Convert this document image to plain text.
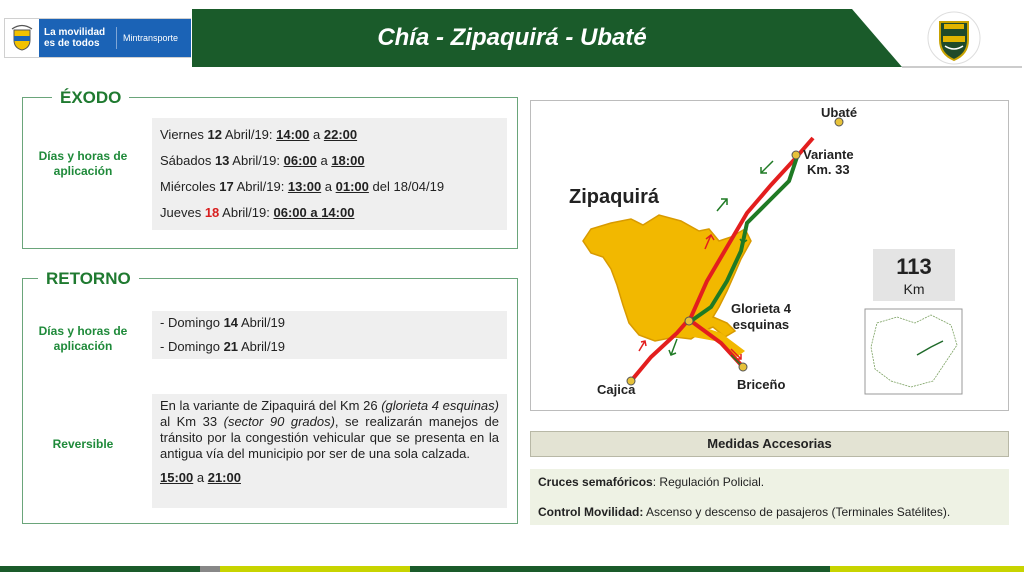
La movilidad
es de todos	Mintransporte	Chía - Zipaquirá - Ubaté
ÉXODO
Días y horas de aplicación
Viernes 12 Abril/19: 14:00 a 22:00
Sábados 13 Abril/19: 06:00 a 18:00
Miércoles 17 Abril/19: 13:00 a 01:00 del 18/04/19
Jueves 18 Abril/19: 06:00 a 14:00
RETORNO
Días y horas de aplicación
- Domingo 14 Abril/19
- Domingo 21 Abril/19
Reversible
En la variante de Zipaquirá del Km 26 (glorieta 4 esquinas) al Km 33 (sector 90 grados), se realizarán manejos de tránsito por la congestión vehicular que se presenta en la antigua vía del municipio por ser de una sola calzada.
15:00 a 21:00
Zipaquirá
Ubaté
Variante
Km. 33
Glorieta 4
esquinas
Cajica	Briceño
113
Km
Medidas Accesorias
Cruces semafóricos: Regulación Policial.
Control Movilidad: Ascenso y descenso de pasajeros (Terminales Satélites).
